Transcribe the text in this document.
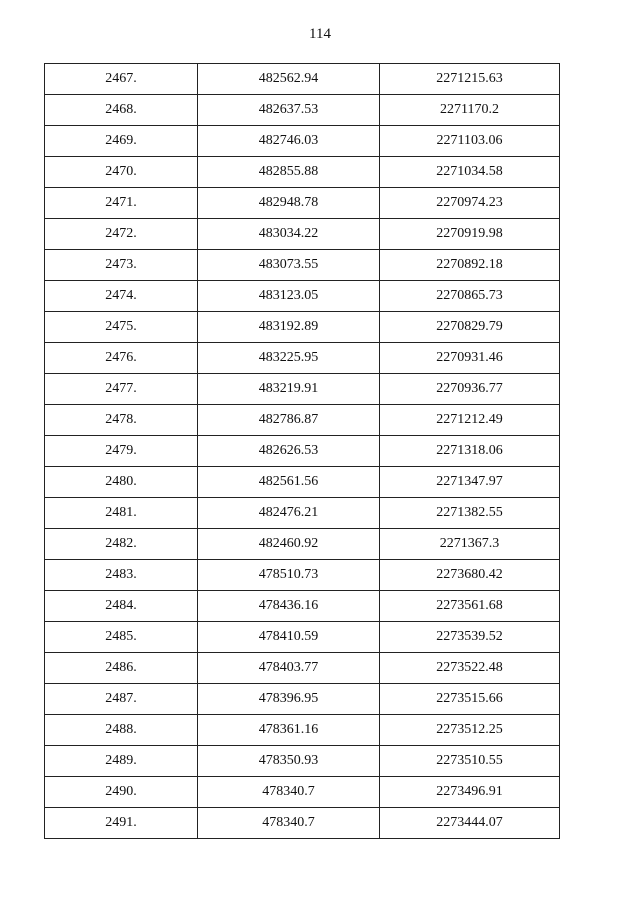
114
2467.	482562.94	2271215.63
2468.	482637.53	2271170.2
2469.	482746.03	2271103.06
2470.	482855.88	2271034.58
2471.	482948.78	2270974.23
2472.	483034.22	2270919.98
2473.	483073.55	2270892.18
2474.	483123.05	2270865.73
2475.	483192.89	2270829.79
2476.	483225.95	2270931.46
2477.	483219.91	2270936.77
2478.	482786.87	2271212.49
2479.	482626.53	2271318.06
2480.	482561.56	2271347.97
2481.	482476.21	2271382.55
2482.	482460.92	2271367.3
2483.	478510.73	2273680.42
2484.	478436.16	2273561.68
2485.	478410.59	2273539.52
2486.	478403.77	2273522.48
2487.	478396.95	2273515.66
2488.	478361.16	2273512.25
2489.	478350.93	2273510.55
2490.	478340.7	2273496.91
2491.	478340.7	2273444.07
